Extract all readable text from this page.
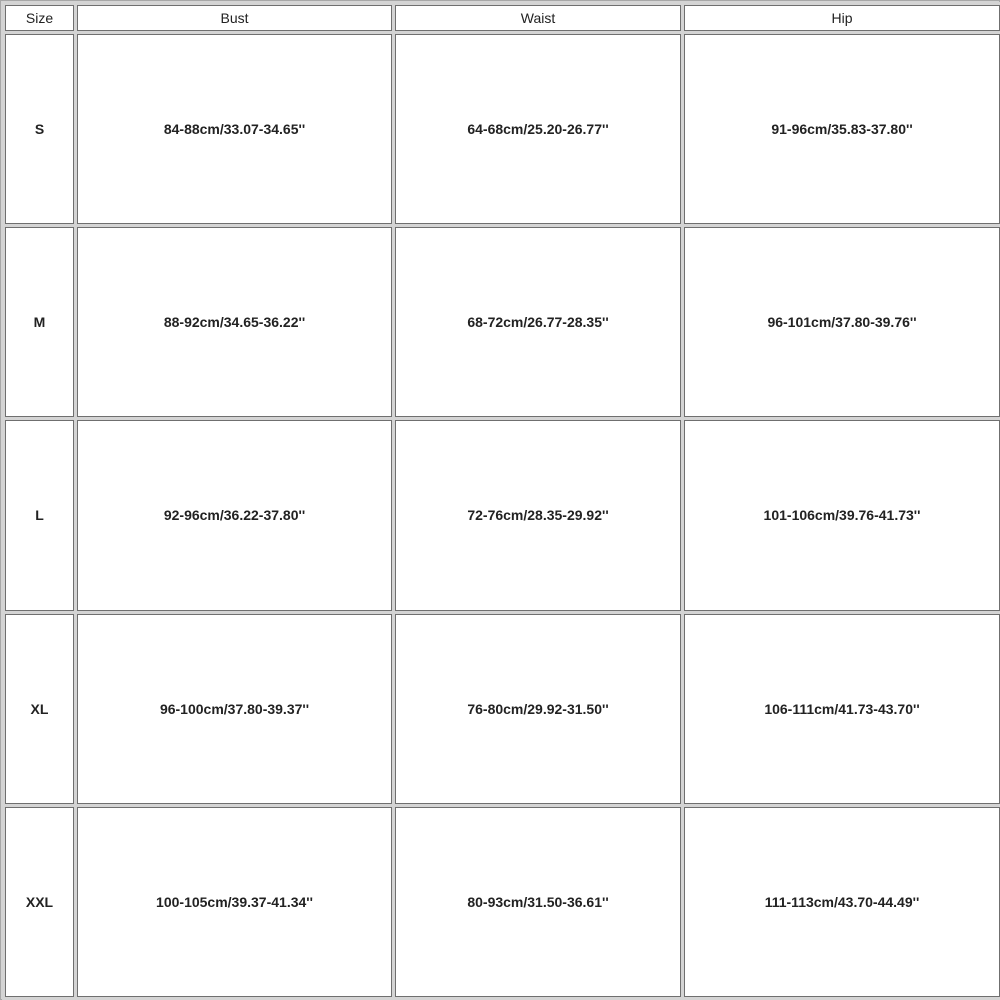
Size	Bust	Waist	Hip
S	84-88cm/33.07-34.65''	64-68cm/25.20-26.77''	91-96cm/35.83-37.80''
M	88-92cm/34.65-36.22''	68-72cm/26.77-28.35''	96-101cm/37.80-39.76''
L	92-96cm/36.22-37.80''	72-76cm/28.35-29.92''	101-106cm/39.76-41.73''
XL	96-100cm/37.80-39.37''	76-80cm/29.92-31.50''	106-111cm/41.73-43.70''
XXL	100-105cm/39.37-41.34''	80-93cm/31.50-36.61''	111-113cm/43.70-44.49''
